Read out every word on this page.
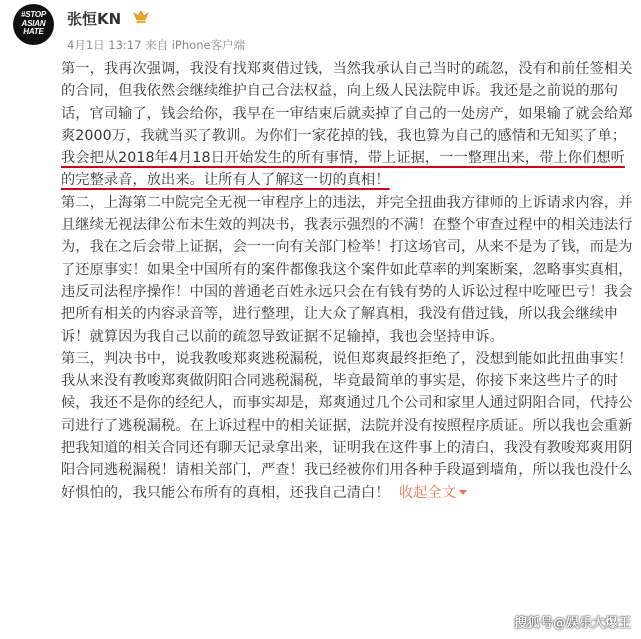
#STOP
ASIAN
HATE
张恒KN
4月1日 13:17 来自 iPhone客户端

第一，我再次强调，我没有找郑爽借过钱，当然我承认自己当时的疏忽，没有和前任签相关的合同，但我依然会继续维护自己合法权益，向上级人民法院申诉。我还是之前说的那句话，官司输了，钱会给你，我早在一审结束后就卖掉了自己的一处房产，如果输了就会给郑爽2000万，我就当买了教训。为你们一家花掉的钱，我也算为自己的感情和无知买了单；我会把从2018年4月18日开始发生的所有事情，带上证据，一一整理出来，带上你们想听的完整录音，放出来。让所有人了解这一切的真相！

第二，上海第二中院完全无视一审程序上的违法，并完全扭曲我方律师的上诉请求内容，并且继续无视法律公布未生效的判决书，我表示强烈的不满！在整个审查过程中的相关违法行为，我在之后会带上证据，会一一向有关部门检举！打这场官司，从来不是为了钱，而是为了还原事实！如果全中国所有的案件都像我这个案件如此草率的判案断案，忽略事实真相，违反司法程序操作！中国的普通老百姓永远只会在有钱有势的人诉讼过程中吃哑巴亏！我会把所有相关的内容录音等，进行整理，让大众了解真相，我没有借过钱，所以我会继续申诉！就算因为我自己以前的疏忽导致证据不足输掉，我也会坚持申诉。

第三，判决书中，说我教唆郑爽逃税漏税，说但郑爽最终拒绝了，没想到能如此扭曲事实！我从来没有教唆郑爽做阴阳合同逃税漏税，毕竟最简单的事实是，你接下来这些片子的时候，我还不是你的经纪人，而事实却是，郑爽通过几个公司和家里人通过阴阳合同，代持公司进行了逃税漏税。在上诉过程中的相关证据，法院并没有按照程序质证。所以我也会重新把我知道的相关合同还有聊天记录拿出来，证明我在这件事上的清白，我没有教唆郑爽用阴阳合同逃税漏税！请相关部门，严查！我已经被你们用各种手段逼到墙角，所以我也没什么好惧怕的，我只能公布所有的真相，还我自己清白！ 收起全文

搜狐号@娱乐大爆王
